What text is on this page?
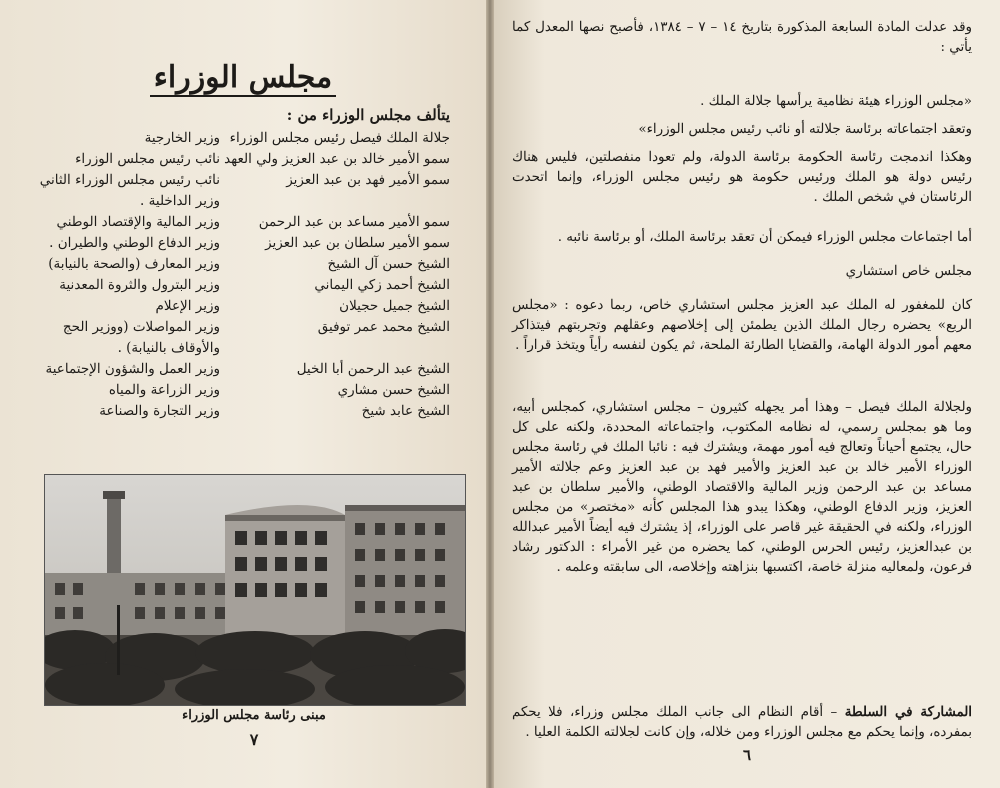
مجلس الوزراء
يتألف مجلس الوزراء من :
جلالة الملك فيصل رئيس مجلس الوزراء
وزير الخارجية
سمو الأمير خالد بن عبد العزيز ولي العهد
نائب رئيس مجلس الوزراء
سمو الأمير فهد بن عبد العزيز
نائب رئيس مجلس الوزراء الثاني
وزير الداخلية .
سمو الأمير مساعد بن عبد الرحمن
وزير المالية والإقتصاد الوطني
سمو الأمير سلطان بن عبد العزيز
وزير الدفاع الوطني والطيران .
الشيخ حسن آل الشيخ
وزير المعارف (والصحة بالنيابة)
الشيخ أحمد زكي اليماني
وزير البترول والثروة المعدنية
الشيخ جميل حجيلان
وزير الإعلام
الشيخ محمد عمر توفيق
وزير المواصلات (ووزير الحج
والأوقاف بالنيابة) .
الشيخ عبد الرحمن أبا الخيل
وزير العمل والشؤون الإجتماعية
الشيخ حسن مشاري
وزير الزراعة والمياه
الشيخ عابد شيخ
وزير التجارة والصناعة
مبنى رئاسة مجلس الوزراء
٧
وقد عدلت المادة السابعة المذكورة بتاريخ ١٤ – ٧ – ١٣٨٤، فأصبح نصها المعدل كما يأتي :
«مجلس الوزراء هيئة نظامية يرأسها جلالة الملك .
وتعقد اجتماعاته برئاسة جلالته أو نائب رئيس مجلس الوزراء»
وهكذا اندمجت رئاسة الحكومة برئاسة الدولة، ولم تعودا منفصلتين، فليس هناك رئيس دولة هو الملك ورئيس حكومة هو رئيس مجلس الوزراء، وإنما اتحدت الرئاستان في شخص الملك .
أما اجتماعات مجلس الوزراء فيمكن أن تعقد برئاسة الملك، أو برئاسة نائبه .
مجلس خاص استشاري
كان للمغفور له الملك عبد العزيز مجلس استشاري خاص، ربما دعوه : «مجلس الربع» يحضره رجال الملك الذين يطمئن إلى إخلاصهم وعقلهم وتجربتهم فيتذاكر معهم أمور الدولة الهامة، والقضايا الطارئة الملحة، ثم يكون لنفسه رأياً ويتخذ قراراً .
ولجلالة الملك فيصل – وهذا أمر يجهله كثيرون – مجلس استشاري، كمجلس أبيه، وما هو بمجلس رسمي، له نظامه المكتوب، واجتماعاته المحددة، ولكنه على كل حال، يجتمع أحياناً وتعالج فيه أمور مهمة، ويشترك فيه : نائبا الملك في رئاسة مجلس الوزراء الأمير خالد بن عبد العزيز والأمير فهد بن عبد العزيز وعم جلالته الأمير مساعد بن عبد الرحمن وزير المالية والاقتصاد الوطني، والأمير سلطان بن عبد العزيز، وزير الدفاع الوطني، وهكذا يبدو هذا المجلس كأنه «مختصر» من مجلس الوزراء، ولكنه في الحقيقة غير قاصر على الوزراء، إذ يشترك فيه أيضاً الأمير عبدالله بن عبدالعزيز، رئيس الحرس الوطني، كما يحضره من غير الأمراء : الدكتور رشاد فرعون، ولمعاليه منزلة خاصة، اكتسبها بنزاهته وإخلاصه، الى سابقته وعلمه .
المشاركة في السلطة – أقام النظام الى جانب الملك مجلس وزراء، فلا يحكم بمفرده، وإنما يحكم مع مجلس الوزراء ومن خلاله، وإن كانت لجلالته الكلمة العليا .
٦
